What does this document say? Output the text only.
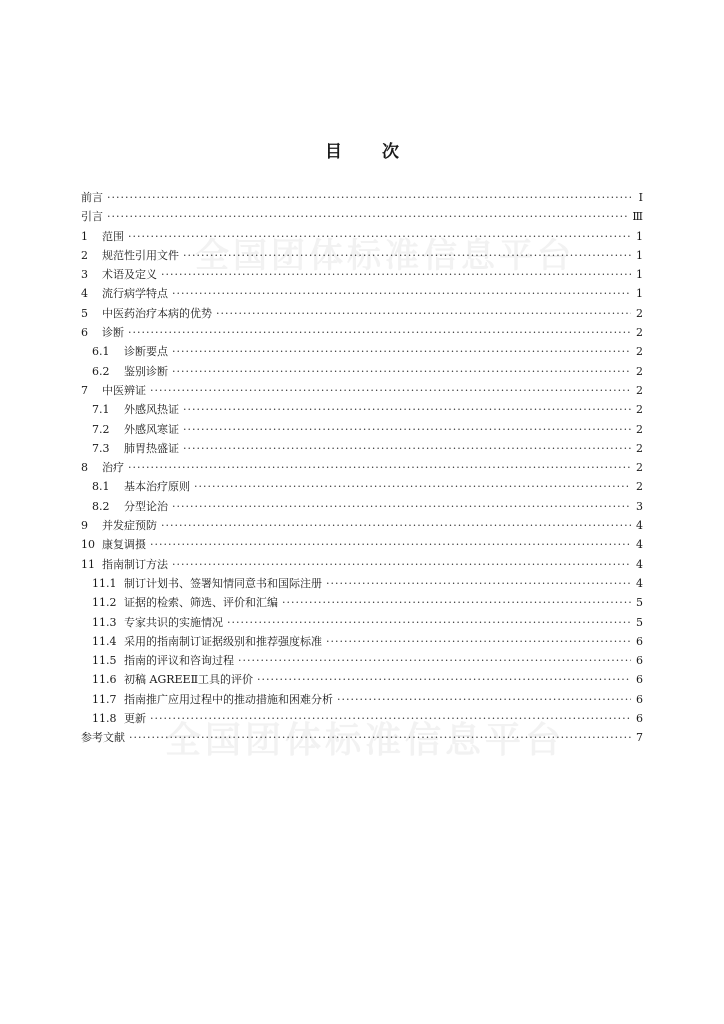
目 次
全国团体标准信息平台
全国团体标准信息平台
前言 ·····	Ⅰ
引言 ·····	Ⅲ
1	范围 ·····	1
2	规范性引用文件 ·····	1
3	术语及定义 ·····	1
4	流行病学特点 ·····	1
5	中医药治疗本病的优势 ·····	2
6	诊断 ·····	2
6.1	诊断要点 ·····	2
6.2	鉴别诊断 ·····	2
7	中医辨证 ·····	2
7.1	外感风热证 ·····	2
7.2	外感风寒证 ·····	2
7.3	肺胃热盛证 ·····	2
8	治疗 ·····	2
8.1	基本治疗原则 ·····	2
8.2	分型论治 ·····	3
9	并发症预防 ·····	4
10 康复调摄 ·····	4
11 指南制订方法 ·····	4
11.1 制订计划书、签署知情同意书和国际注册 ·····	4
11.2 证据的检索、筛选、评价和汇编 ·····	5
11.3 专家共识的实施情况 ·····	5
11.4 采用的指南制订证据级别和推荐强度标准 ·····	6
11.5 指南的评议和咨询过程 ·····	6
11.6 初稿 AGREEⅡ工具的评价 ·····	6
11.7 指南推广应用过程中的推动措施和困难分析 ·····	6
11.8 更新 ·····	6
参考文献 ·····	7
